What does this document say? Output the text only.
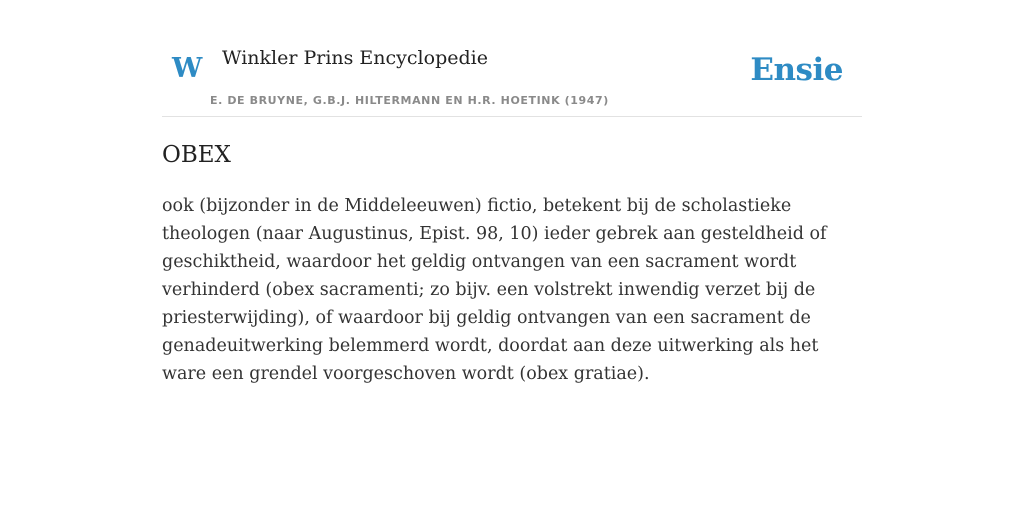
W Winkler Prins Encyclopedie
E. DE BRUYNE, G.B.J. HILTERMANN EN H.R. HOETINK (1947)
Ensie
OBEX

ook (bijzonder in de Middeleeuwen) fictio, betekent bij de scholastieke theologen (naar Augustinus, Epist. 98, 10) ieder gebrek aan gesteldheid of geschiktheid, waardoor het geldig ontvangen van een sacrament wordt verhinderd (obex sacramenti; zo bijv. een volstrekt inwendig verzet bij de priesterwijding), of waardoor bij geldig ontvangen van een sacrament de genadeuitwerking belemmerd wordt, doordat aan deze uitwerking als het ware een grendel voorgeschoven wordt (obex gratiae).
